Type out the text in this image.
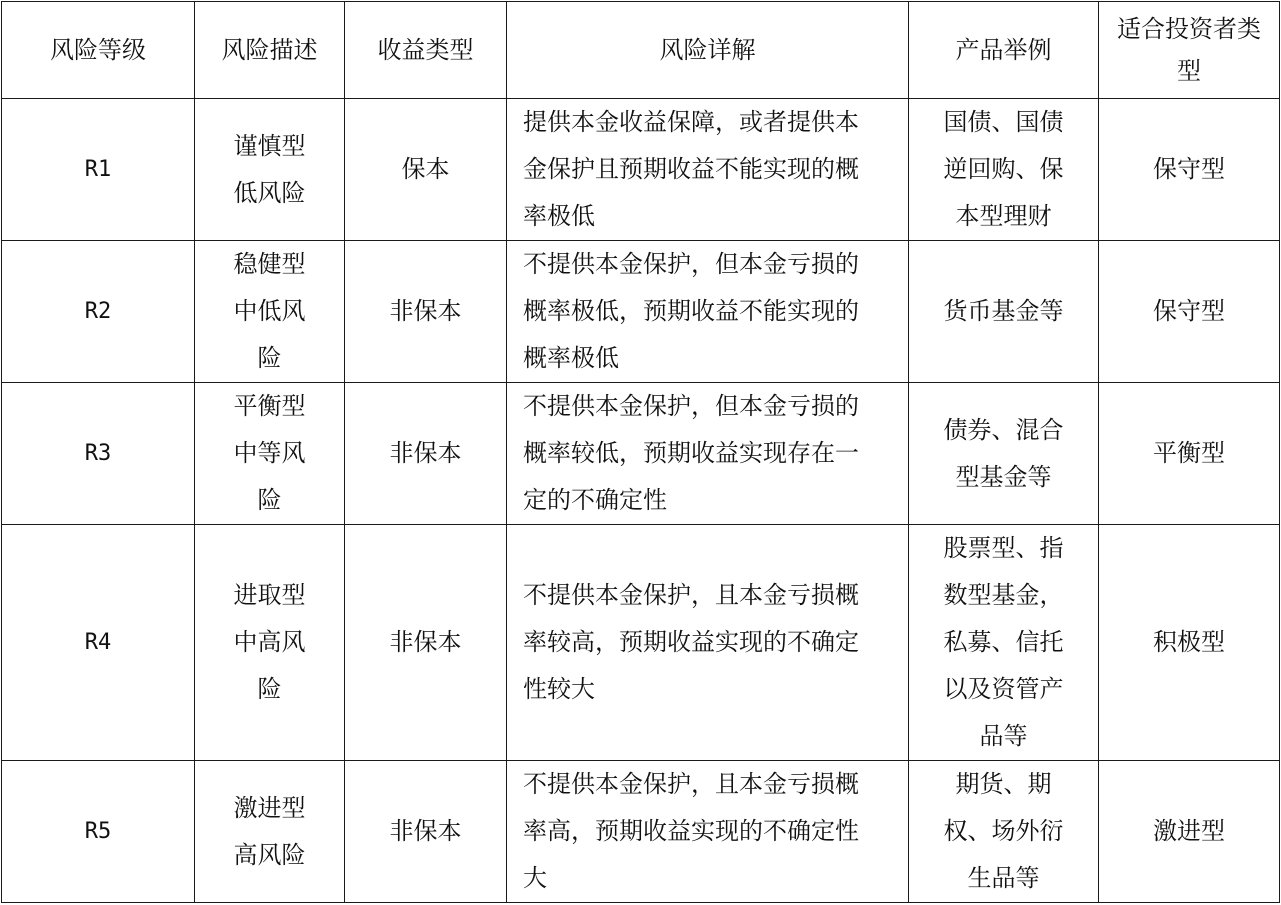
风险等级	风险描述	收益类型	风险详解	产品举例	适合投资者类型
R1	谨慎型低风险	保本	提供本金收益保障，或者提供本金保护且预期收益不能实现的概率极低	国债、国债逆回购、保本型理财	保守型
R2	稳健型中低风险	非保本	不提供本金保护，但本金亏损的概率极低，预期收益不能实现的概率极低	货币基金等	保守型
R3	平衡型中等风险	非保本	不提供本金保护，但本金亏损的概率较低，预期收益实现存在一定的不确定性	债券、混合型基金等	平衡型
R4	进取型中高风险	非保本	不提供本金保护，且本金亏损概率较高，预期收益实现的不确定性较大	股票型、指数型基金，私募、信托以及资管产品等	积极型
R5	激进型高风险	非保本	不提供本金保护，且本金亏损概率高，预期收益实现的不确定性大	期货、期权、场外衍生品等	激进型
